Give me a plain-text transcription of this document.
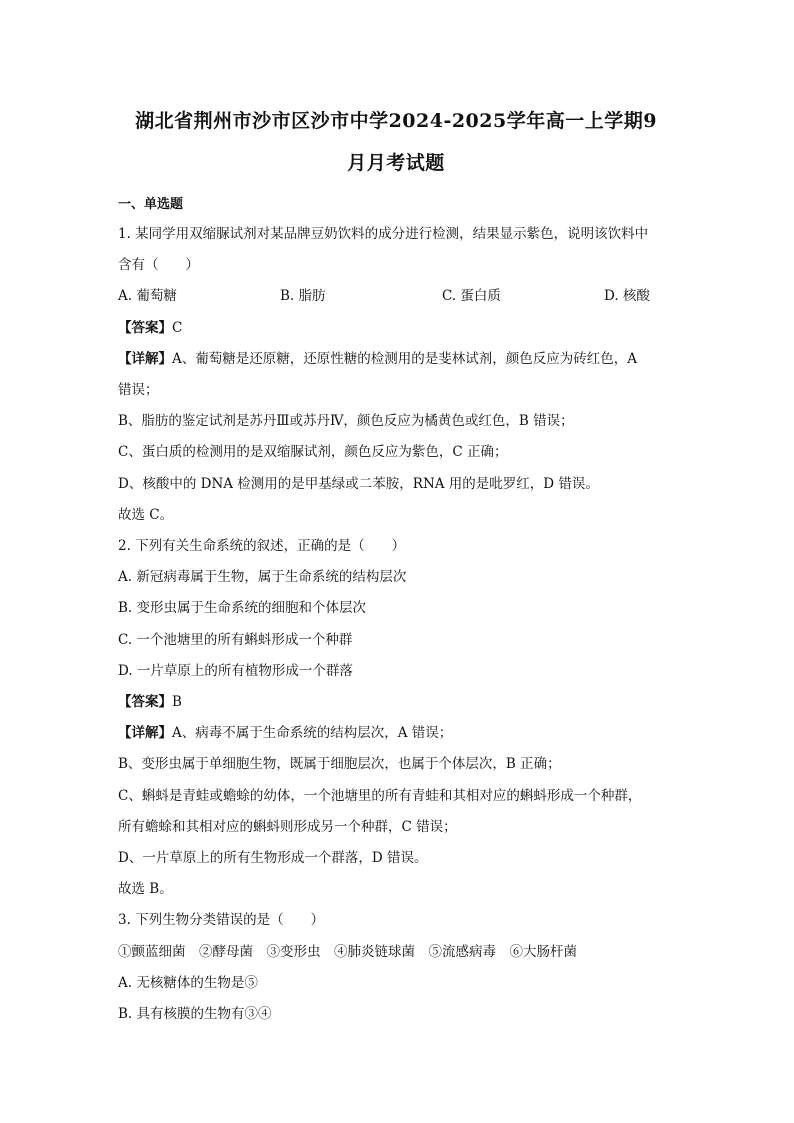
湖北省荆州市沙市区沙市中学2024-2025学年高一上学期9
月月考试题
一、单选题
1. 某同学用双缩脲试剂对某品牌豆奶饮料的成分进行检测，结果显示紫色，说明该饮料中
含有（　　）
A. 葡萄糖	B. 脂肪	C. 蛋白质	D. 核酸
【答案】C
【详解】A、葡萄糖是还原糖，还原性糖的检测用的是斐林试剂，颜色反应为砖红色，A
错误；
B、脂肪的鉴定试剂是苏丹Ⅲ或苏丹Ⅳ，颜色反应为橘黄色或红色，B 错误；
C、蛋白质的检测用的是双缩脲试剂，颜色反应为紫色，C 正确；
D、核酸中的 DNA 检测用的是甲基绿或二苯胺，RNA 用的是吡罗红，D 错误。
故选 C。
2. 下列有关生命系统的叙述，正确的是（　　）
A. 新冠病毒属于生物，属于生命系统的结构层次
B. 变形虫属于生命系统的细胞和个体层次
C. 一个池塘里的所有蝌蚪形成一个种群
D. 一片草原上的所有植物形成一个群落
【答案】B
【详解】A、病毒不属于生命系统的结构层次，A 错误；
B、变形虫属于单细胞生物，既属于细胞层次，也属于个体层次，B 正确；
C、蝌蚪是青蛙或蟾蜍的幼体，一个池塘里的所有青蛙和其相对应的蝌蚪形成一个种群，
所有蟾蜍和其相对应的蝌蚪则形成另一个种群，C 错误；
D、一片草原上的所有生物形成一个群落，D 错误。
故选 B。
3. 下列生物分类错误的是（　　）
①颤蓝细菌　②酵母菌　③变形虫　④肺炎链球菌　⑤流感病毒　⑥大肠杆菌
A. 无核糖体的生物是⑤
B. 具有核膜的生物有③④
